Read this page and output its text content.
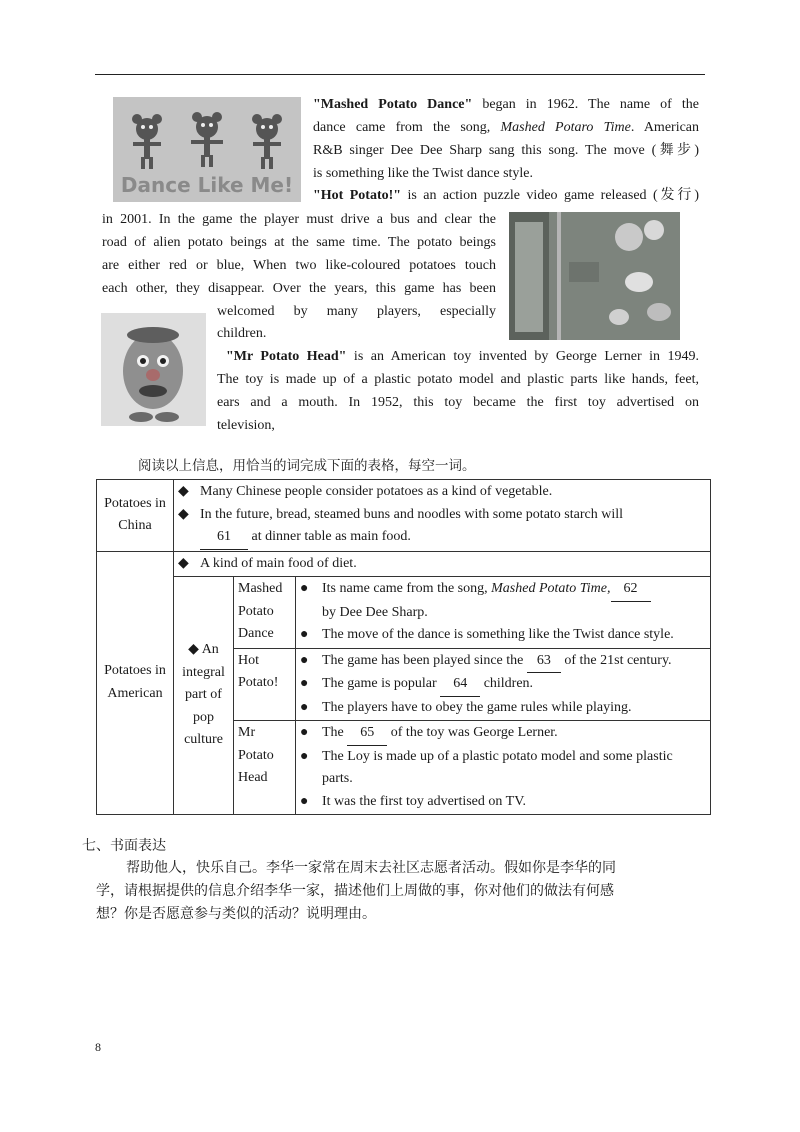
Dance Like Me!

"Mashed Potato Dance" began in 1962. The name of the

dance came from the song, Mashed Potaro Time. American

R&B singer Dee Dee Sharp sang this song. The move (舞步)

is something like the Twist dance style.

"Hot Potato!" is an action puzzle video game released (发行)

in 2001. In the game the player must drive a bus and clear the

road of alien potato beings at the same time. The potato beings

are either red or blue, When two like-coloured potatoes touch

each other, they disappear. Over the years, this game has been

welcomed by many players, especially

children.

"Mr Potato Head" is an American toy invented by George Lerner in 1949.

The toy is made up of a plastic potato model and plastic parts like hands, feet,

ears and a mouth. In 1952, this toy became the first toy advertised on

television,

阅读以上信息，用恰当的词完成下面的表格，每空一词。

Potatoes in China	◆ Many Chinese people consider potatoes as a kind of vegetable.
◆ In the future, bread, steamed buns and noodles with some potato starch will
61 at dinner table as main food.		

Potatoes in American	◆ A kind of main food of diet.		
	◆ An integral part of pop culture	Mashed Potato Dance	● Its name came from the song, Mashed Potato Time, 62
by Dee Dee Sharp.
● The move of the dance is something like the Twist dance style.

		Hot Potato!	● The game has been played since the 63 of the 21st century.
● The game is popular 64 children.
● The players have to obey the game rules while playing.

		Mr Potato Head	● The 65 of the toy was George Lerner.
● The Loy is made up of a plastic potato model and some plastic parts.
● It was the first toy advertised on TV.

七、书面表达

帮助他人，快乐自己。李华一家常在周末去社区志愿者活动。假如你是李华的同

学，请根据提供的信息介绍李华一家，描述他们上周做的事，你对他们的做法有何感

想？你是否愿意参与类似的活动？说明理由。

8
